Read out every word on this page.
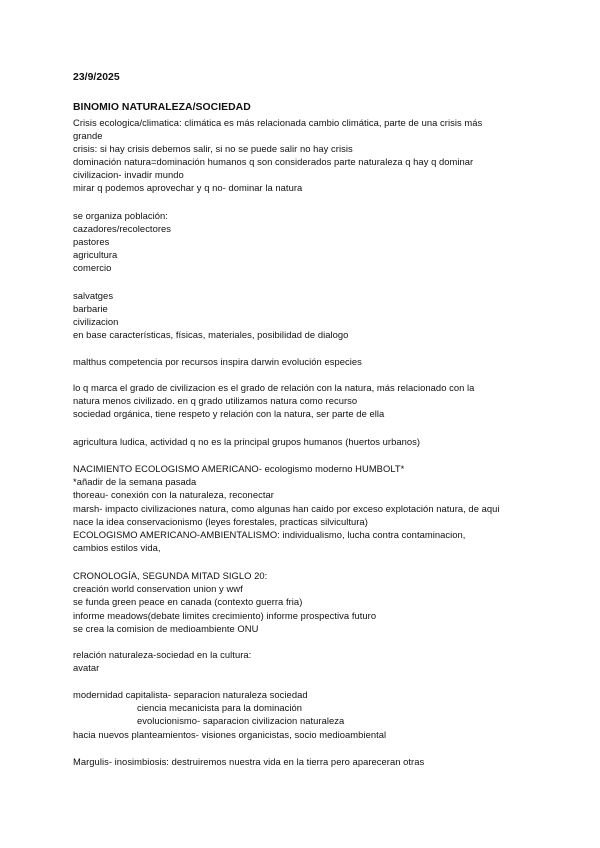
23/9/2025
BINOMIO NATURALEZA/SOCIEDAD
Crisis ecologica/climatica: climática es más relacionada cambio climática, parte de una crisis más
grande
crisis: si hay crisis debemos salir, si no se puede salir no hay crisis
dominación natura=dominación humanos q son considerados parte naturaleza q hay q dominar
civilizacion- invadir mundo
mirar q podemos aprovechar y q no- dominar la natura
se organiza población:
cazadores/recolectores
pastores
agricultura
comercio
salvatges
barbarie
civilizacion
en base características, físicas, materiales, posibilidad de dialogo
malthus competencia por recursos inspira darwin evolución especies
lo q marca el grado de civilizacion es el grado de relación con la natura, más relacionado con la
natura menos civilizado. en q grado utilizamos natura como recurso
sociedad orgánica, tiene respeto y relación con la natura, ser parte de ella
agricultura ludica, actividad q no es la principal grupos humanos (huertos urbanos)
NACIMIENTO ECOLOGISMO AMERICANO- ecologismo moderno HUMBOLT*
*añadir de la semana pasada
thoreau- conexión con la naturaleza, reconectar
marsh- impacto civilizaciones natura, como algunas han caido por exceso explotación natura, de aqui
nace la idea conservacionismo (leyes forestales, practicas silvicultura)
ECOLOGISMO AMERICANO-AMBIENTALISMO: individualismo, lucha contra contaminacion,
cambios estilos vida,
CRONOLOGÍA, SEGUNDA MITAD SIGLO 20:
creación world conservation union y wwf
se funda green peace en canada (contexto guerra fria)
informe meadows(debate limites crecimiento) informe prospectiva futuro
se crea la comision de medioambiente ONU
relación naturaleza-sociedad en la cultura:
avatar
modernidad capitalista- separacion naturaleza sociedad
ciencia mecanicista para la dominación
evolucionismo- saparacion civilizacion naturaleza
hacia nuevos planteamientos- visiones organicistas, socio medioambiental
Margulis- inosimbiosis: destruiremos nuestra vida en la tierra pero apareceran otras
